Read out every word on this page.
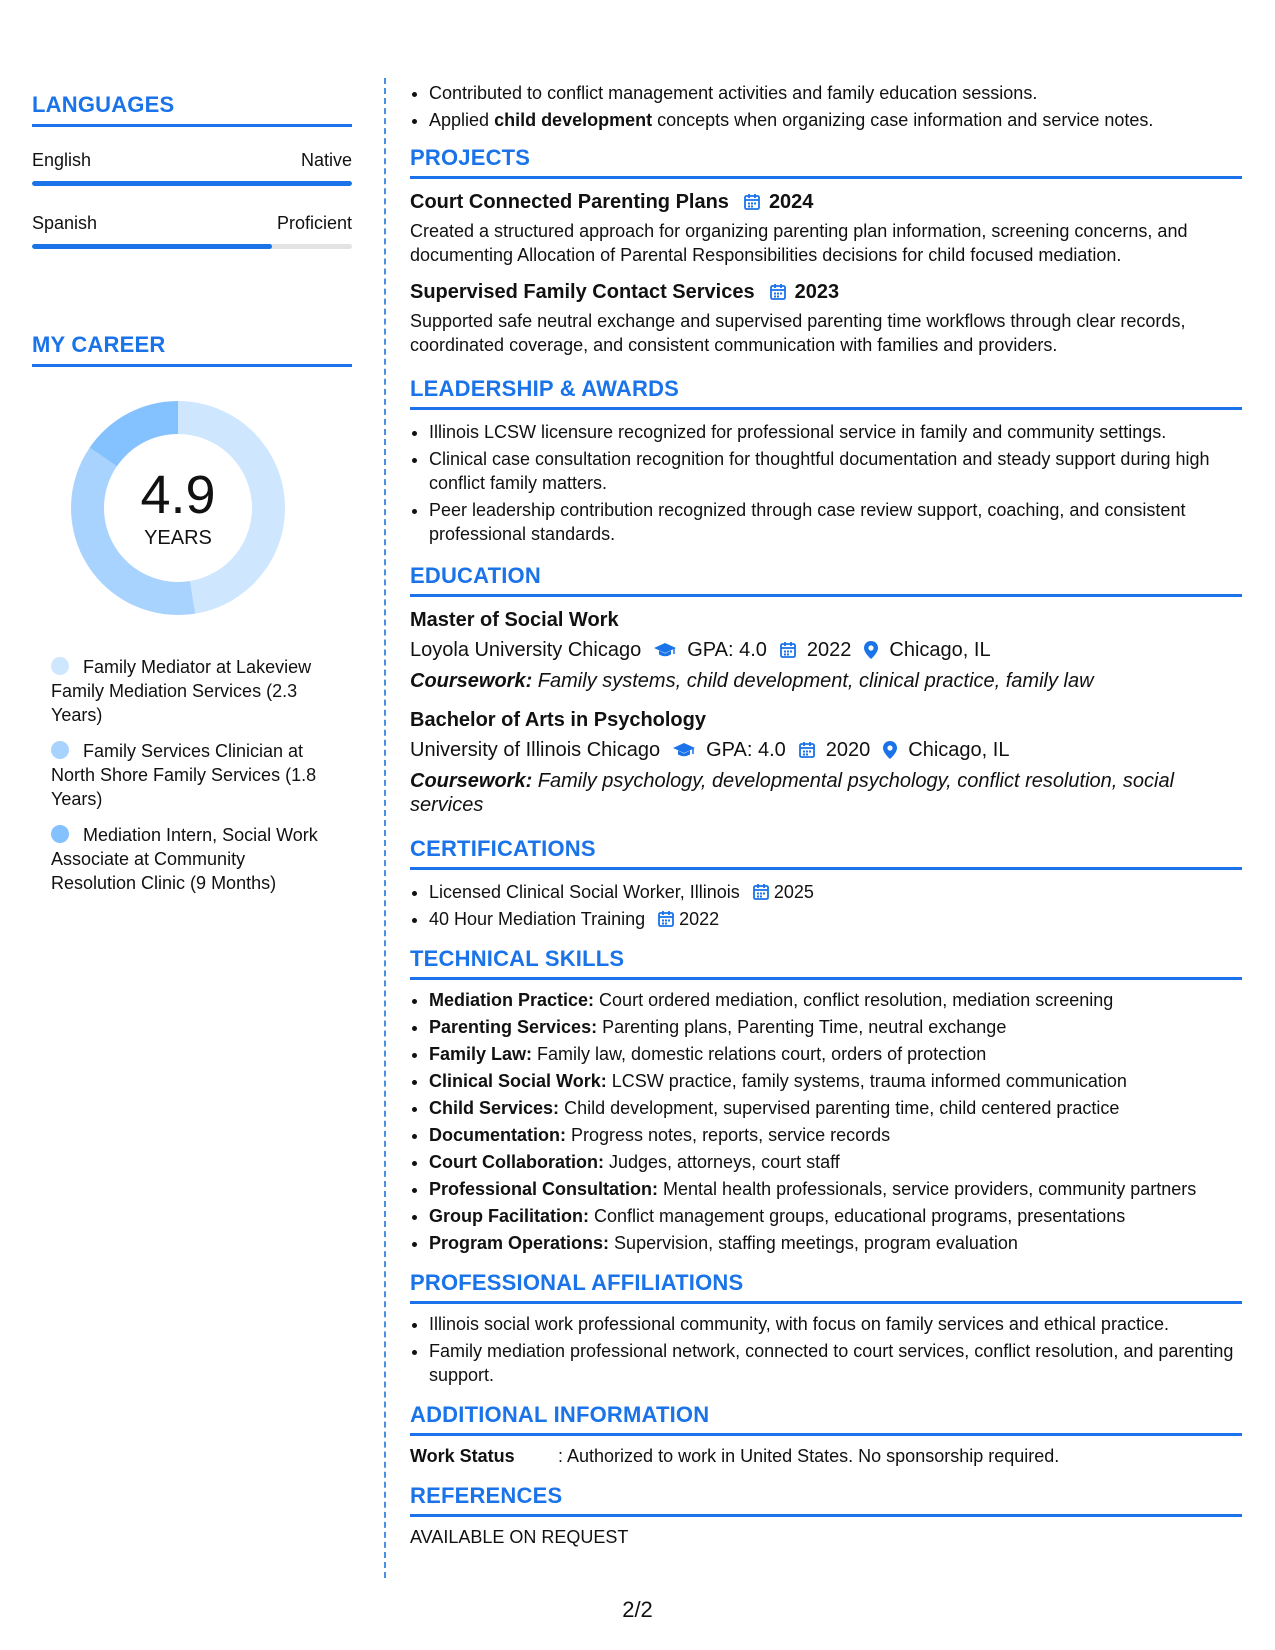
LANGUAGES
English	Native
Spanish	Proficient
MY CAREER
4.9
YEARS
Family Mediator at Lakeview Family Mediation Services (2.3 Years)
Family Services Clinician at North Shore Family Services (1.8 Years)
Mediation Intern, Social Work Associate at Community Resolution Clinic (9 Months)
• Contributed to conflict management activities and family education sessions.
• Applied child development concepts when organizing case information and service notes.
PROJECTS
Court Connected Parenting Plans 2024
Created a structured approach for organizing parenting plan information, screening concerns, and documenting Allocation of Parental Responsibilities decisions for child focused mediation.
Supervised Family Contact Services 2023
Supported safe neutral exchange and supervised parenting time workflows through clear records, coordinated coverage, and consistent communication with families and providers.
LEADERSHIP & AWARDS
• Illinois LCSW licensure recognized for professional service in family and community settings.
• Clinical case consultation recognition for thoughtful documentation and steady support during high conflict family matters.
• Peer leadership contribution recognized through case review support, coaching, and consistent professional standards.
EDUCATION
Master of Social Work
Loyola University Chicago GPA: 4.0 2022 Chicago, IL
Coursework: Family systems, child development, clinical practice, family law
Bachelor of Arts in Psychology
University of Illinois Chicago GPA: 4.0 2020 Chicago, IL
Coursework: Family psychology, developmental psychology, conflict resolution, social services
CERTIFICATIONS
• Licensed Clinical Social Worker, Illinois 2025
• 40 Hour Mediation Training 2022
TECHNICAL SKILLS
• Mediation Practice: Court ordered mediation, conflict resolution, mediation screening
• Parenting Services: Parenting plans, Parenting Time, neutral exchange
• Family Law: Family law, domestic relations court, orders of protection
• Clinical Social Work: LCSW practice, family systems, trauma informed communication
• Child Services: Child development, supervised parenting time, child centered practice
• Documentation: Progress notes, reports, service records
• Court Collaboration: Judges, attorneys, court staff
• Professional Consultation: Mental health professionals, service providers, community partners
• Group Facilitation: Conflict management groups, educational programs, presentations
• Program Operations: Supervision, staffing meetings, program evaluation
PROFESSIONAL AFFILIATIONS
• Illinois social work professional community, with focus on family services and ethical practice.
• Family mediation professional network, connected to court services, conflict resolution, and parenting support.
ADDITIONAL INFORMATION
Work Status	: Authorized to work in United States. No sponsorship required.
REFERENCES
AVAILABLE ON REQUEST
2/2
